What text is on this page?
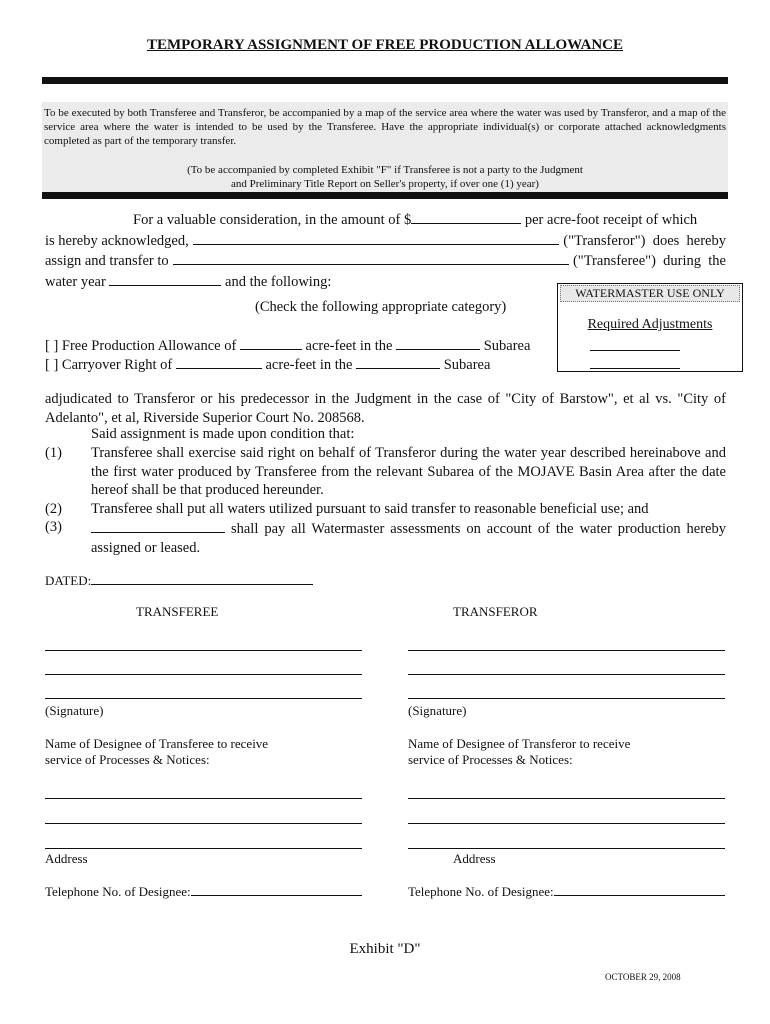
TEMPORARY ASSIGNMENT OF FREE PRODUCTION ALLOWANCE
To be executed by both Transferee and Transferor, be accompanied by a map of the service area where the water was used by Transferor, and a map of the service area where the water is intended to be used by the Transferee. Have the appropriate individual(s) or corporate attached acknowledgments completed as part of the temporary transfer.
(To be accompanied by completed Exhibit "F" if Transferee is not a party to the Judgment
and Preliminary Title Report on Seller's property, if over one (1) year)
For a valuable consideration, in the amount of $	per acre-foot receipt of which
is hereby acknowledged,	("Transferor")  does  hereby
assign and transfer to	("Transferee")  during  the
water year	and the following:
(Check the following appropriate category)
[ ] Free Production Allowance of	acre-feet in the	Subarea
[ ] Carryover Right of	acre-feet in the	Subarea
WATERMASTER USE ONLY
Required Adjustments
adjudicated to Transferor or his predecessor in the Judgment in the case of "City of Barstow", et al vs. "City of Adelanto", et al, Riverside Superior Court No. 208568.
Said assignment is made upon condition that:
(1) Transferee shall exercise said right on behalf of Transferor during the water year described hereinabove and the first water produced by Transferee from the relevant Subarea of the MOJAVE Basin Area after the date hereof shall be that produced hereunder.
(2) Transferee shall put all waters utilized pursuant to said transfer to reasonable beneficial use; and
(3)	shall pay all Watermaster assessments on account of the water production hereby assigned or leased.
DATED:
TRANSFEREE	TRANSFEROR
(Signature)	(Signature)
Name of Designee of Transferee to receive service of Processes & Notices:
Name of Designee of Transferor to receive service of Processes & Notices:
Address	Address
Telephone No. of Designee:	Telephone No. of Designee:
Exhibit "D"
OCTOBER 29, 2008
